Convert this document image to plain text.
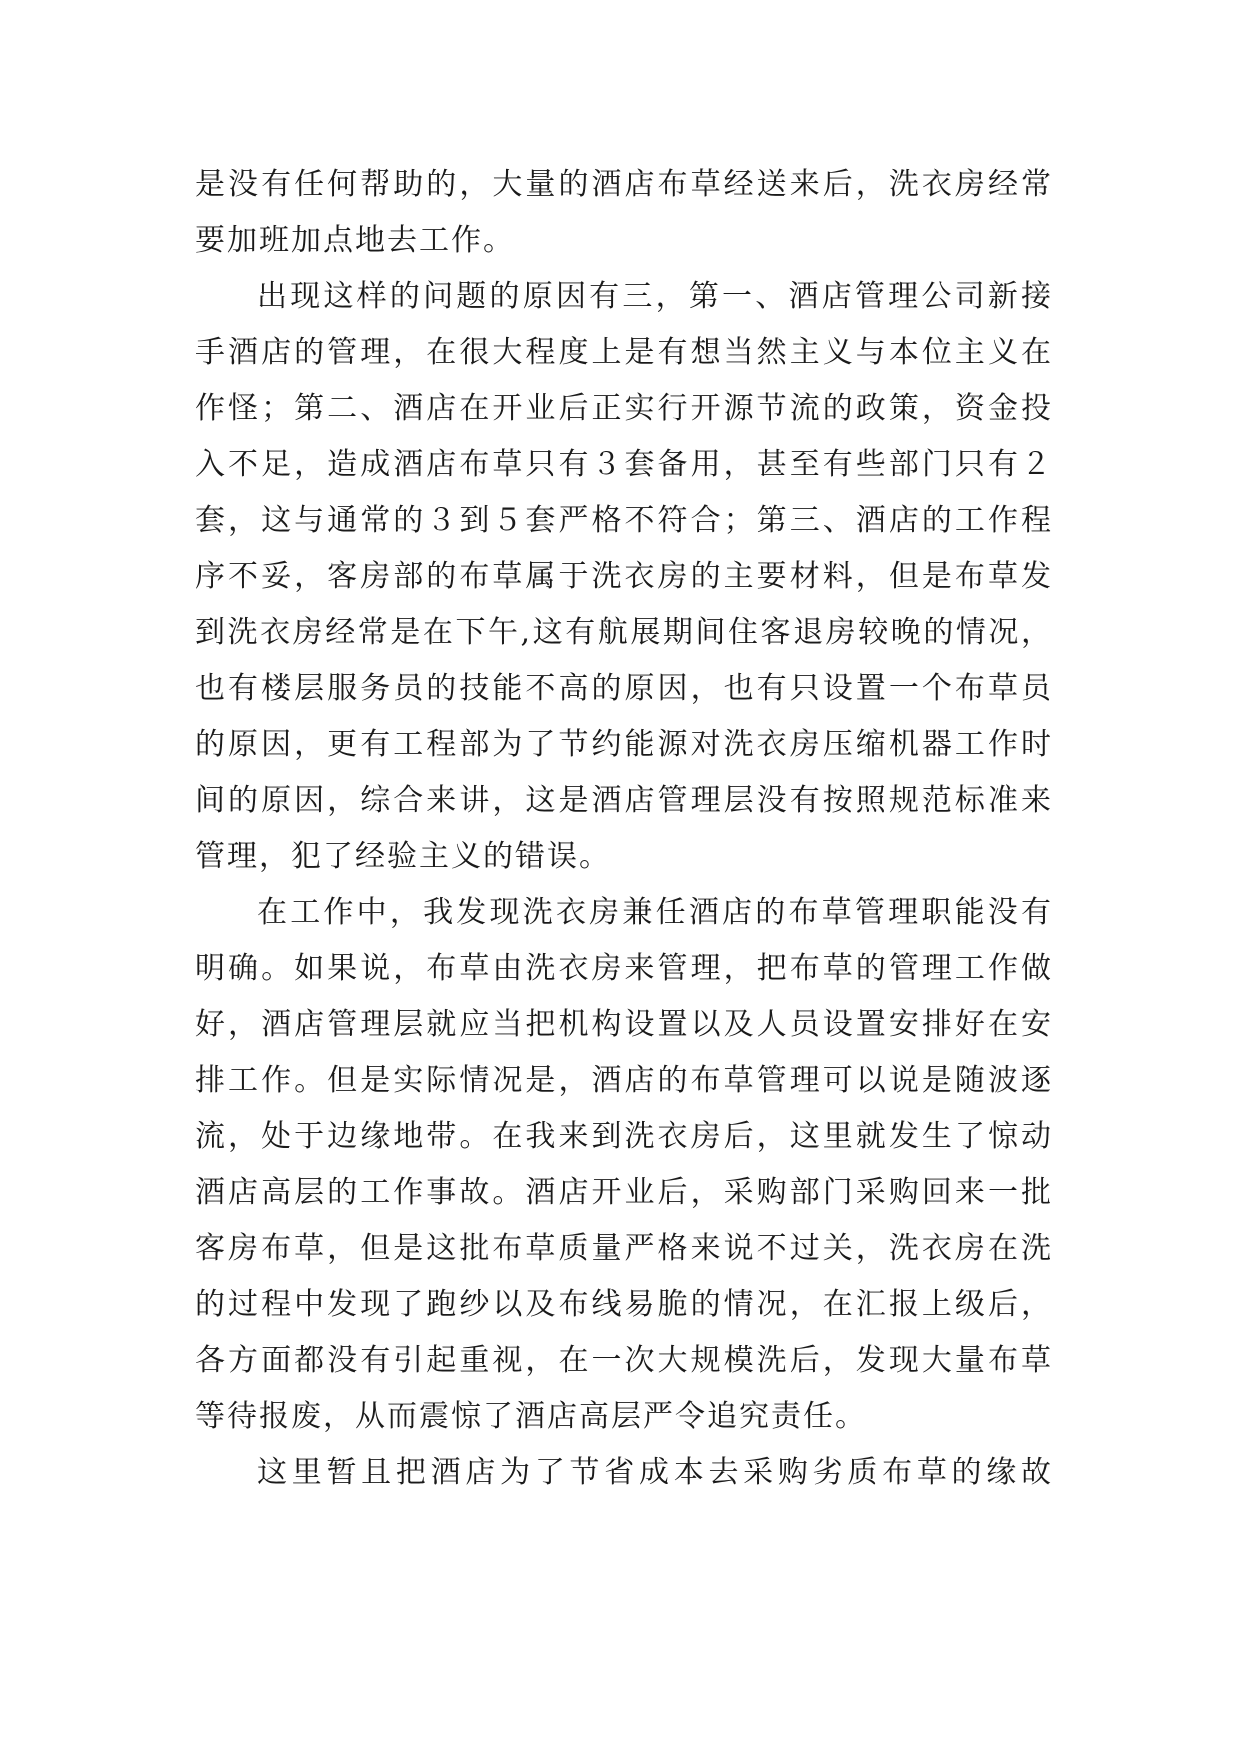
是没有任何帮助的，大量的酒店布草经送来后，洗衣房经常
要加班加点地去工作。
出现这样的问题的原因有三，第一、酒店管理公司新接
手酒店的管理，在很大程度上是有想当然主义与本位主义在
作怪；第二、酒店在开业后正实行开源节流的政策，资金投
入不足，造成酒店布草只有３套备用，甚至有些部门只有２
套，这与通常的３到５套严格不符合；第三、酒店的工作程
序不妥，客房部的布草属于洗衣房的主要材料，但是布草发
到洗衣房经常是在下午,这有航展期间住客退房较晚的情况，
也有楼层服务员的技能不高的原因，也有只设置一个布草员
的原因，更有工程部为了节约能源对洗衣房压缩机器工作时
间的原因，综合来讲，这是酒店管理层没有按照规范标准来
管理，犯了经验主义的错误。
在工作中，我发现洗衣房兼任酒店的布草管理职能没有
明确。如果说，布草由洗衣房来管理，把布草的管理工作做
好，酒店管理层就应当把机构设置以及人员设置安排好在安
排工作。但是实际情况是，酒店的布草管理可以说是随波逐
流，处于边缘地带。在我来到洗衣房后，这里就发生了惊动
酒店高层的工作事故。酒店开业后，采购部门采购回来一批
客房布草，但是这批布草质量严格来说不过关，洗衣房在洗
的过程中发现了跑纱以及布线易脆的情况，在汇报上级后，
各方面都没有引起重视，在一次大规模洗后，发现大量布草
等待报废，从而震惊了酒店高层严令追究责任。
这里暂且把酒店为了节省成本去采购劣质布草的缘故
